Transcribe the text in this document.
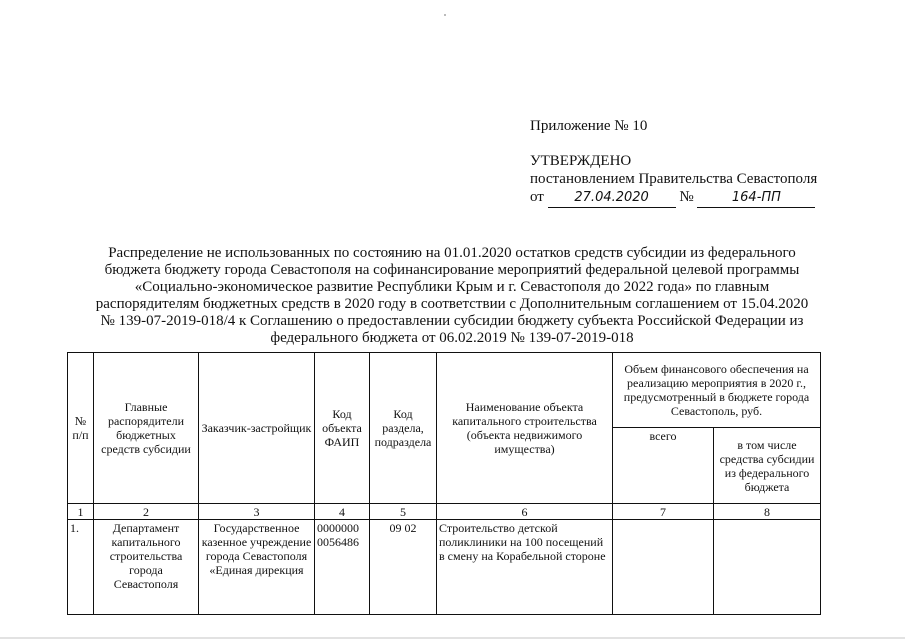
Приложение № 10
УТВЕРЖДЕНО
постановлением Правительства Севастополя
от 27.04.2020 №	164-ПП
Распределение не использованных по состоянию на 01.01.2020 остатков средств субсидии из федерального
бюджета бюджету города Севастополя на софинансирование мероприятий федеральной целевой программы
«Социально-экономическое развитие Республики Крым и г. Севастополя до 2022 года» по главным
распорядителям бюджетных средств в 2020 году в соответствии с Дополнительным соглашением от 15.04.2020
№ 139-07-2019-018/4 к Соглашению о предоставлении субсидии бюджету субъекта Российской Федерации из
федерального бюджета от 06.02.2019 № 139-07-2019-018
№ п/п	Главные распорядители бюджетных средств субсидии	Заказчик-застройщик	Код объекта ФАИП	Код раздела, подраздела	Наименование объекта капитального строительства (объекта недвижимого имущества)	Объем финансового обеспечения на реализацию мероприятия в 2020 г., предусмотренный в бюджете города Севастополь, руб.	
						всего	в том числе средства субсидии из федерального бюджета
1	2	3	4	5	6	7	8
1.	Департамент капитального строительства города Севастополя	Государственное казенное учреждение города Севастополя «Единая дирекция	0000000 0056486	09 02	Строительство детской поликлиники на 100 посещений в смену на Корабельной стороне		
